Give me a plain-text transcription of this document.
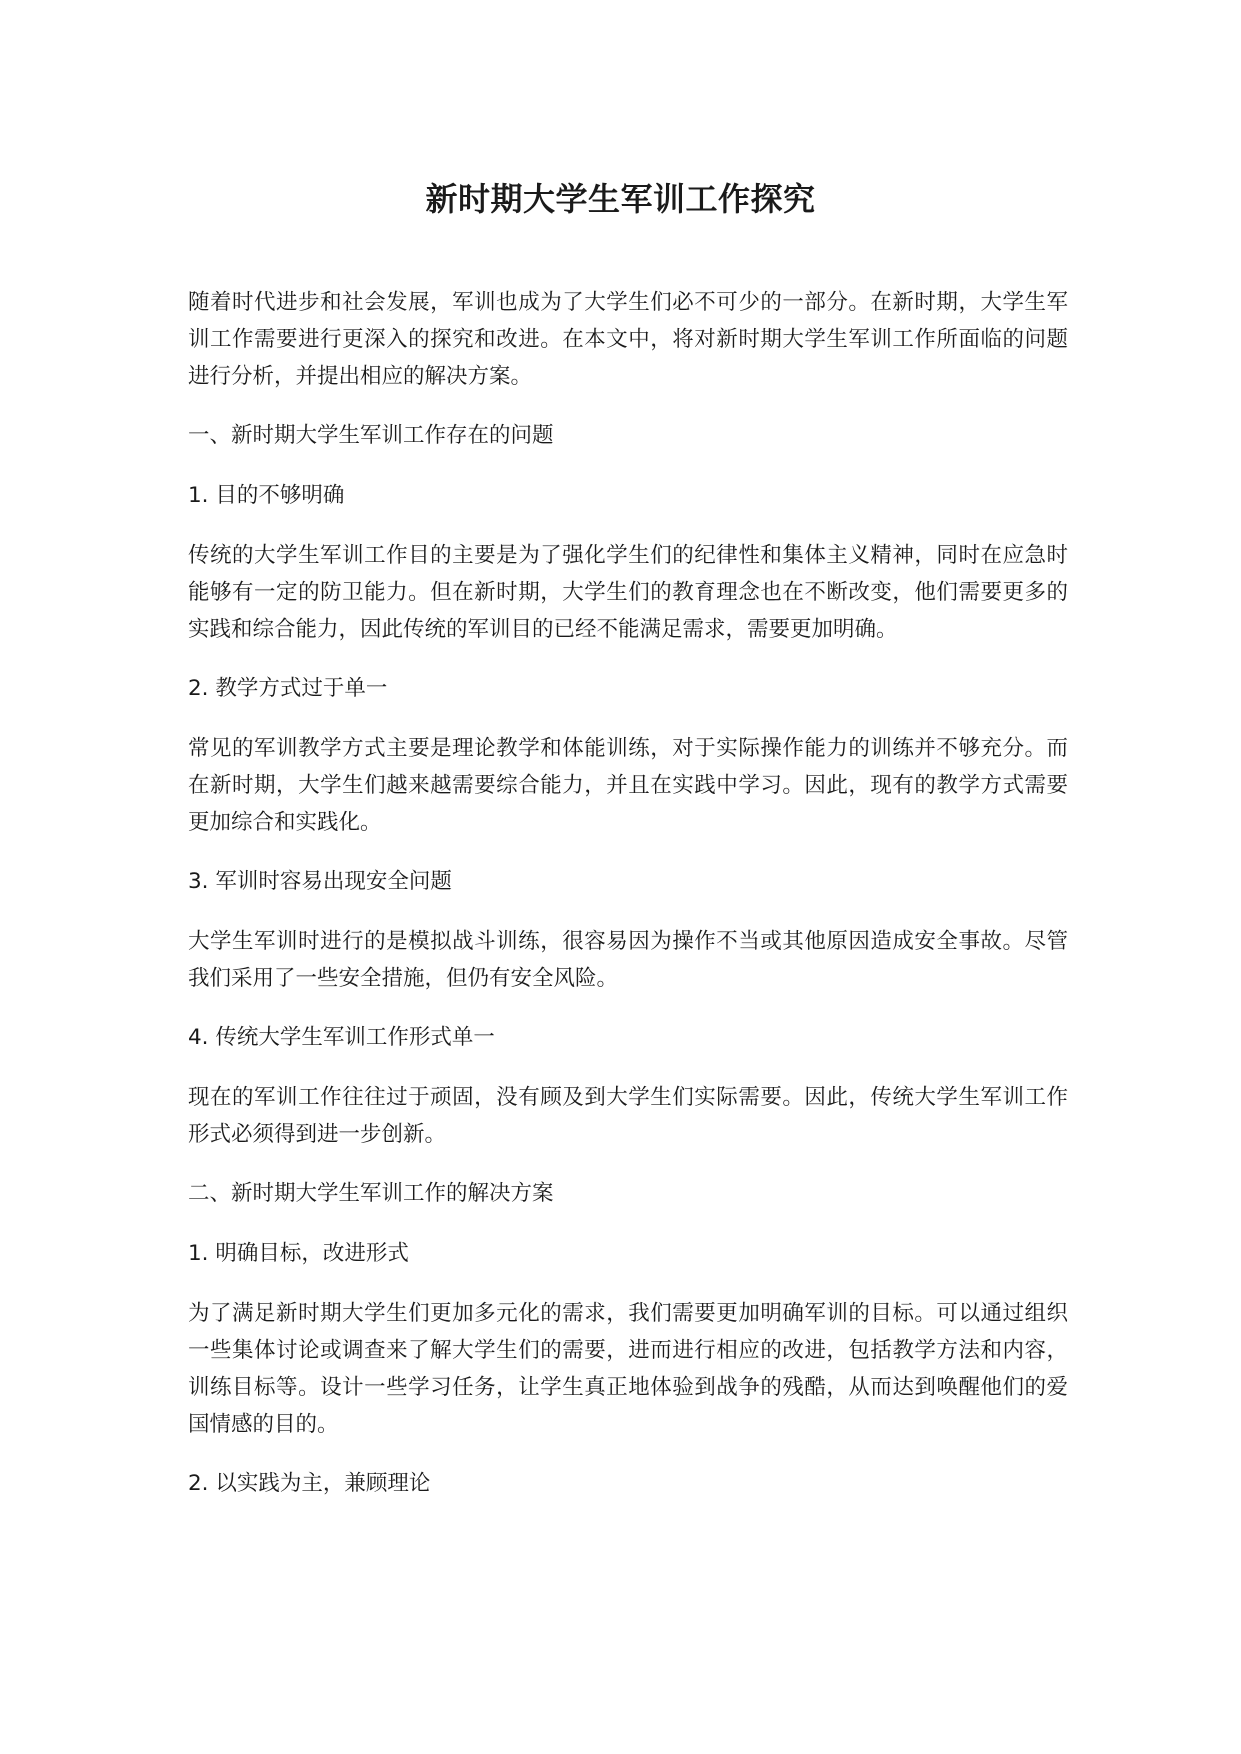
新时期大学生军训工作探究

随着时代进步和社会发展，军训也成为了大学生们必不可少的一部分。在新时期，大学生军训工作需要进行更深入的探究和改进。在本文中，将对新时期大学生军训工作所面临的问题进行分析，并提出相应的解决方案。

一、新时期大学生军训工作存在的问题

1. 目的不够明确

传统的大学生军训工作目的主要是为了强化学生们的纪律性和集体主义精神，同时在应急时能够有一定的防卫能力。但在新时期，大学生们的教育理念也在不断改变，他们需要更多的实践和综合能力，因此传统的军训目的已经不能满足需求，需要更加明确。

2. 教学方式过于单一

常见的军训教学方式主要是理论教学和体能训练，对于实际操作能力的训练并不够充分。而在新时期，大学生们越来越需要综合能力，并且在实践中学习。因此，现有的教学方式需要更加综合和实践化。

3. 军训时容易出现安全问题

大学生军训时进行的是模拟战斗训练，很容易因为操作不当或其他原因造成安全事故。尽管我们采用了一些安全措施，但仍有安全风险。

4. 传统大学生军训工作形式单一

现在的军训工作往往过于顽固，没有顾及到大学生们实际需要。因此，传统大学生军训工作形式必须得到进一步创新。

二、新时期大学生军训工作的解决方案

1. 明确目标，改进形式

为了满足新时期大学生们更加多元化的需求，我们需要更加明确军训的目标。可以通过组织一些集体讨论或调查来了解大学生们的需要，进而进行相应的改进，包括教学方法和内容，训练目标等。设计一些学习任务，让学生真正地体验到战争的残酷，从而达到唤醒他们的爱国情感的目的。

2. 以实践为主，兼顾理论
